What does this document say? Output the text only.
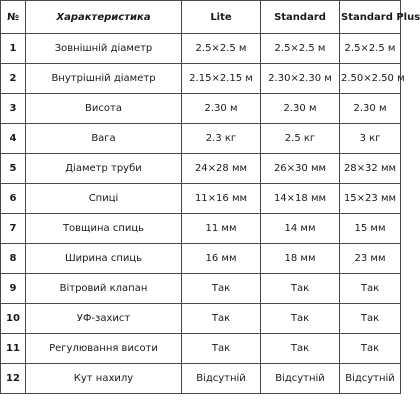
№	Характеристика	Lite	Standard	Standard Plus
1	Зовнішній діаметр	2.5×2.5 м	2.5×2.5 м	2.5×2.5 м
2	Внутрішній діаметр	2.15×2.15 м	2.30×2.30 м	2.50×2.50 м
3	Висота	2.30 м	2.30 м	2.30 м
4	Вага	2.3 кг	2.5 кг	3 кг
5	Діаметр труби	24×28 мм	26×30 мм	28×32 мм
6	Спиці	11×16 мм	14×18 мм	15×23 мм
7	Товщина спиць	11 мм	14 мм	15 мм
8	Ширина спиць	16 мм	18 мм	23 мм
9	Вітровий клапан	Так	Так	Так
10	УФ-захист	Так	Так	Так
11	Регулювання висоти	Так	Так	Так
12	Кут нахилу	Відсутній	Відсутній	Відсутній
